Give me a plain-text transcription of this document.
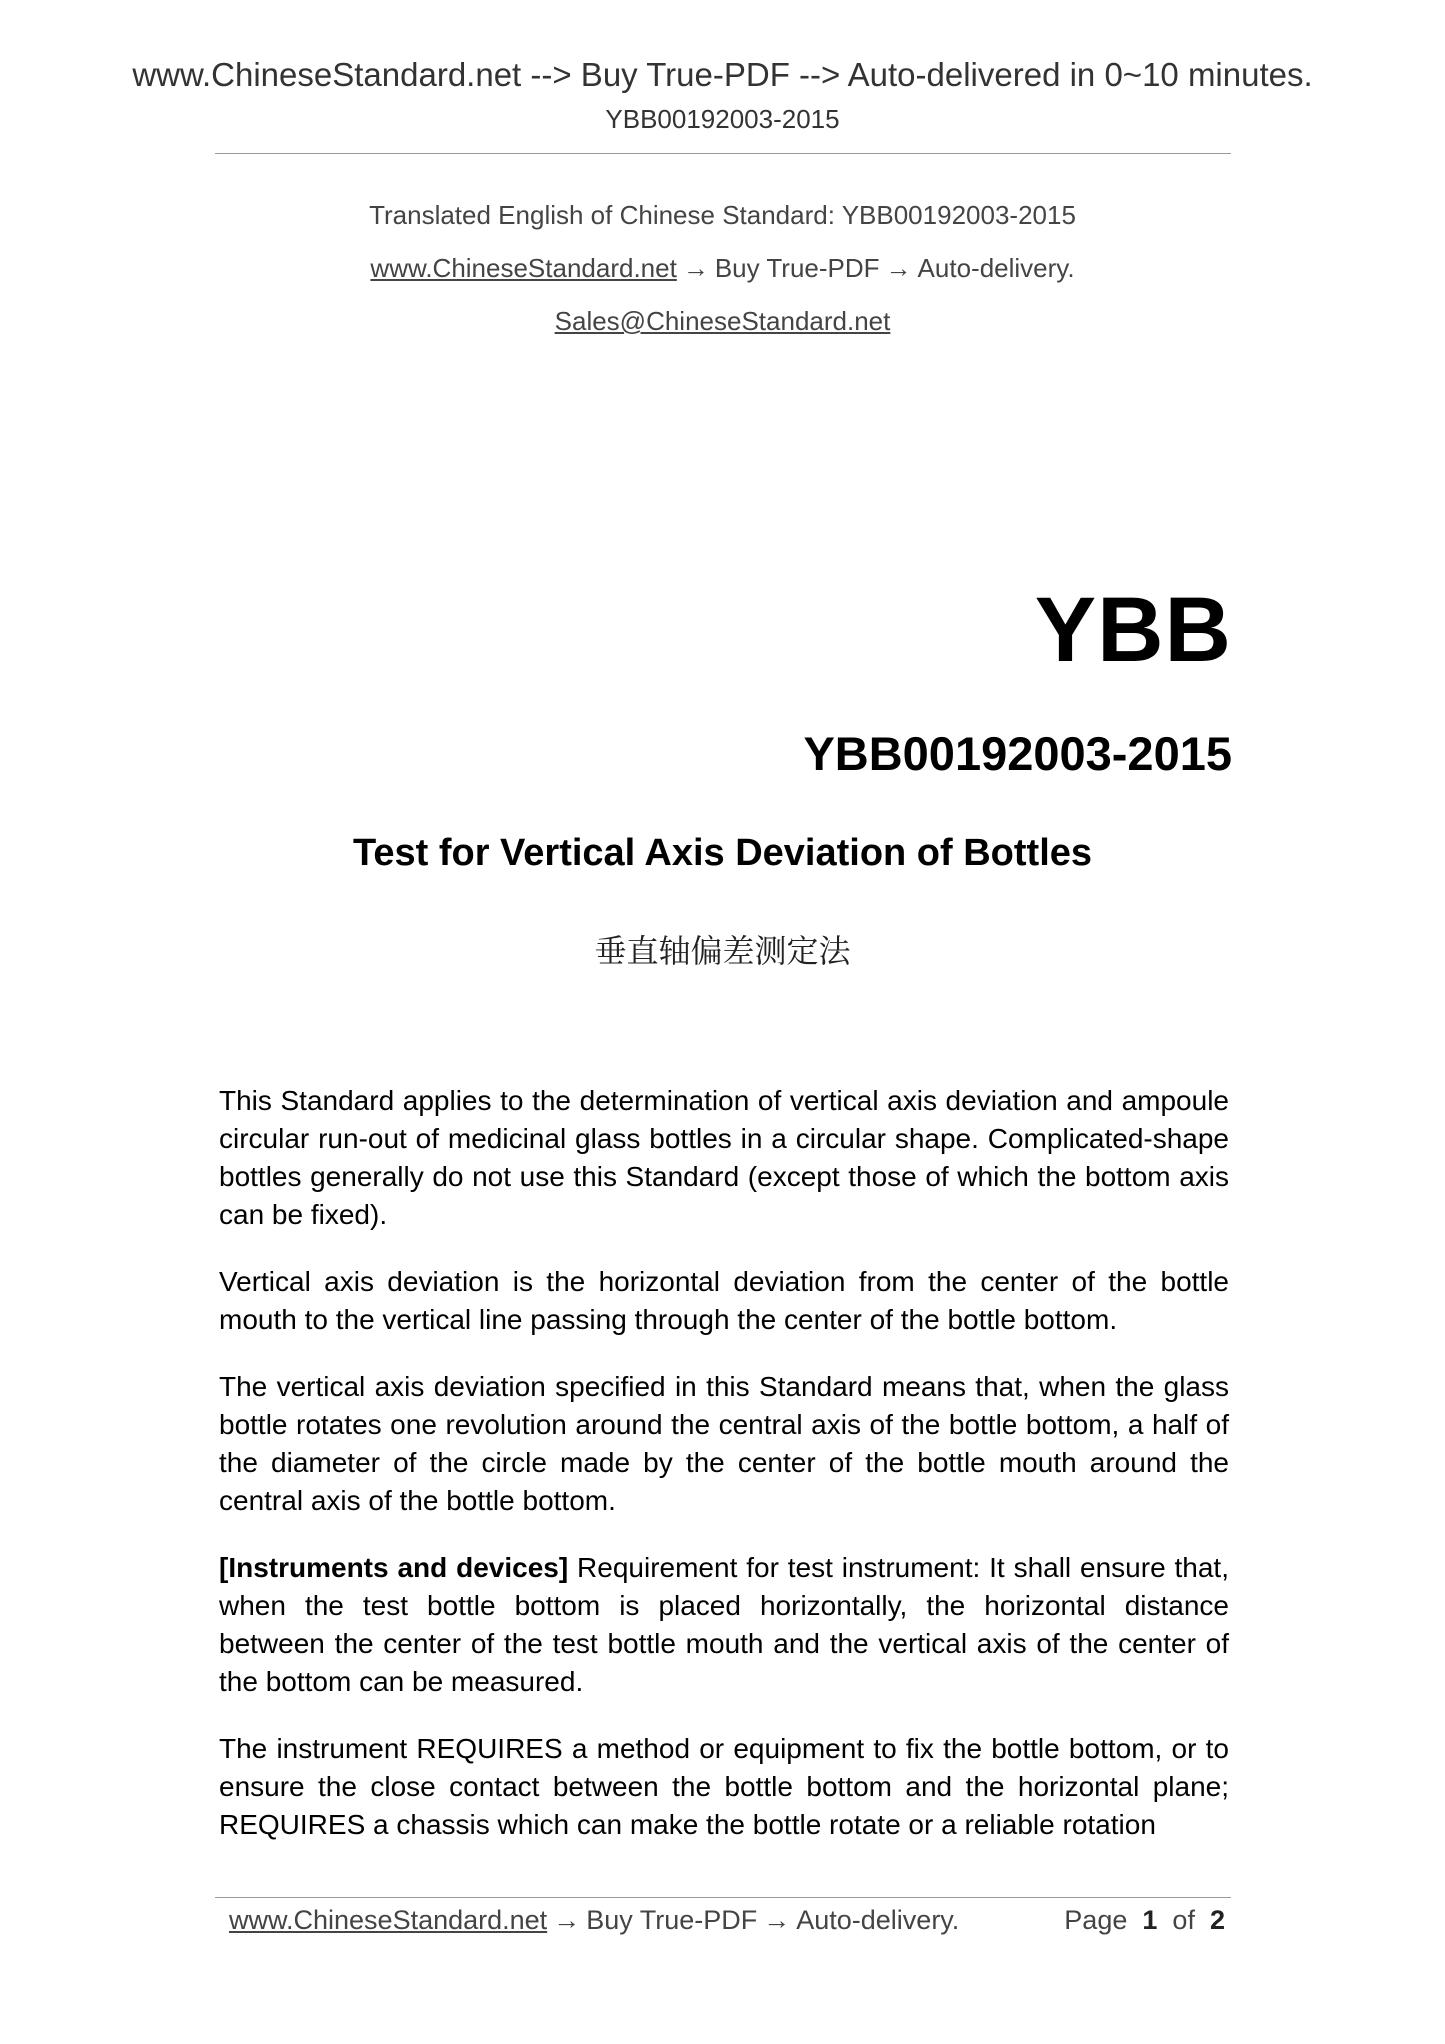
www.ChineseStandard.net --> Buy True-PDF --> Auto-delivered in 0~10 minutes.
YBB00192003-2015
Translated English of Chinese Standard: YBB00192003-2015
www.ChineseStandard.net → Buy True-PDF → Auto-delivery.
Sales@ChineseStandard.net
YBB
YBB00192003-2015
Test for Vertical Axis Deviation of Bottles
垂直轴偏差测定法

This Standard applies to the determination of vertical axis deviation and ampoule circular run-out of medicinal glass bottles in a circular shape. Complicated-shape bottles generally do not use this Standard (except those of which the bottom axis can be fixed).

Vertical axis deviation is the horizontal deviation from the center of the bottle mouth to the vertical line passing through the center of the bottle bottom.

The vertical axis deviation specified in this Standard means that, when the glass bottle rotates one revolution around the central axis of the bottle bottom, a half of the diameter of the circle made by the center of the bottle mouth around the central axis of the bottle bottom.

[Instruments and devices] Requirement for test instrument: It shall ensure that, when the test bottle bottom is placed horizontally, the horizontal distance between the center of the test bottle mouth and the vertical axis of the center of the bottom can be measured.

The instrument REQUIRES a method or equipment to fix the bottle bottom, or to ensure the close contact between the bottle bottom and the horizontal plane; REQUIRES a chassis which can make the bottle rotate or a reliable rotation

www.ChineseStandard.net → Buy True-PDF → Auto-delivery.	Page 1 of 2
